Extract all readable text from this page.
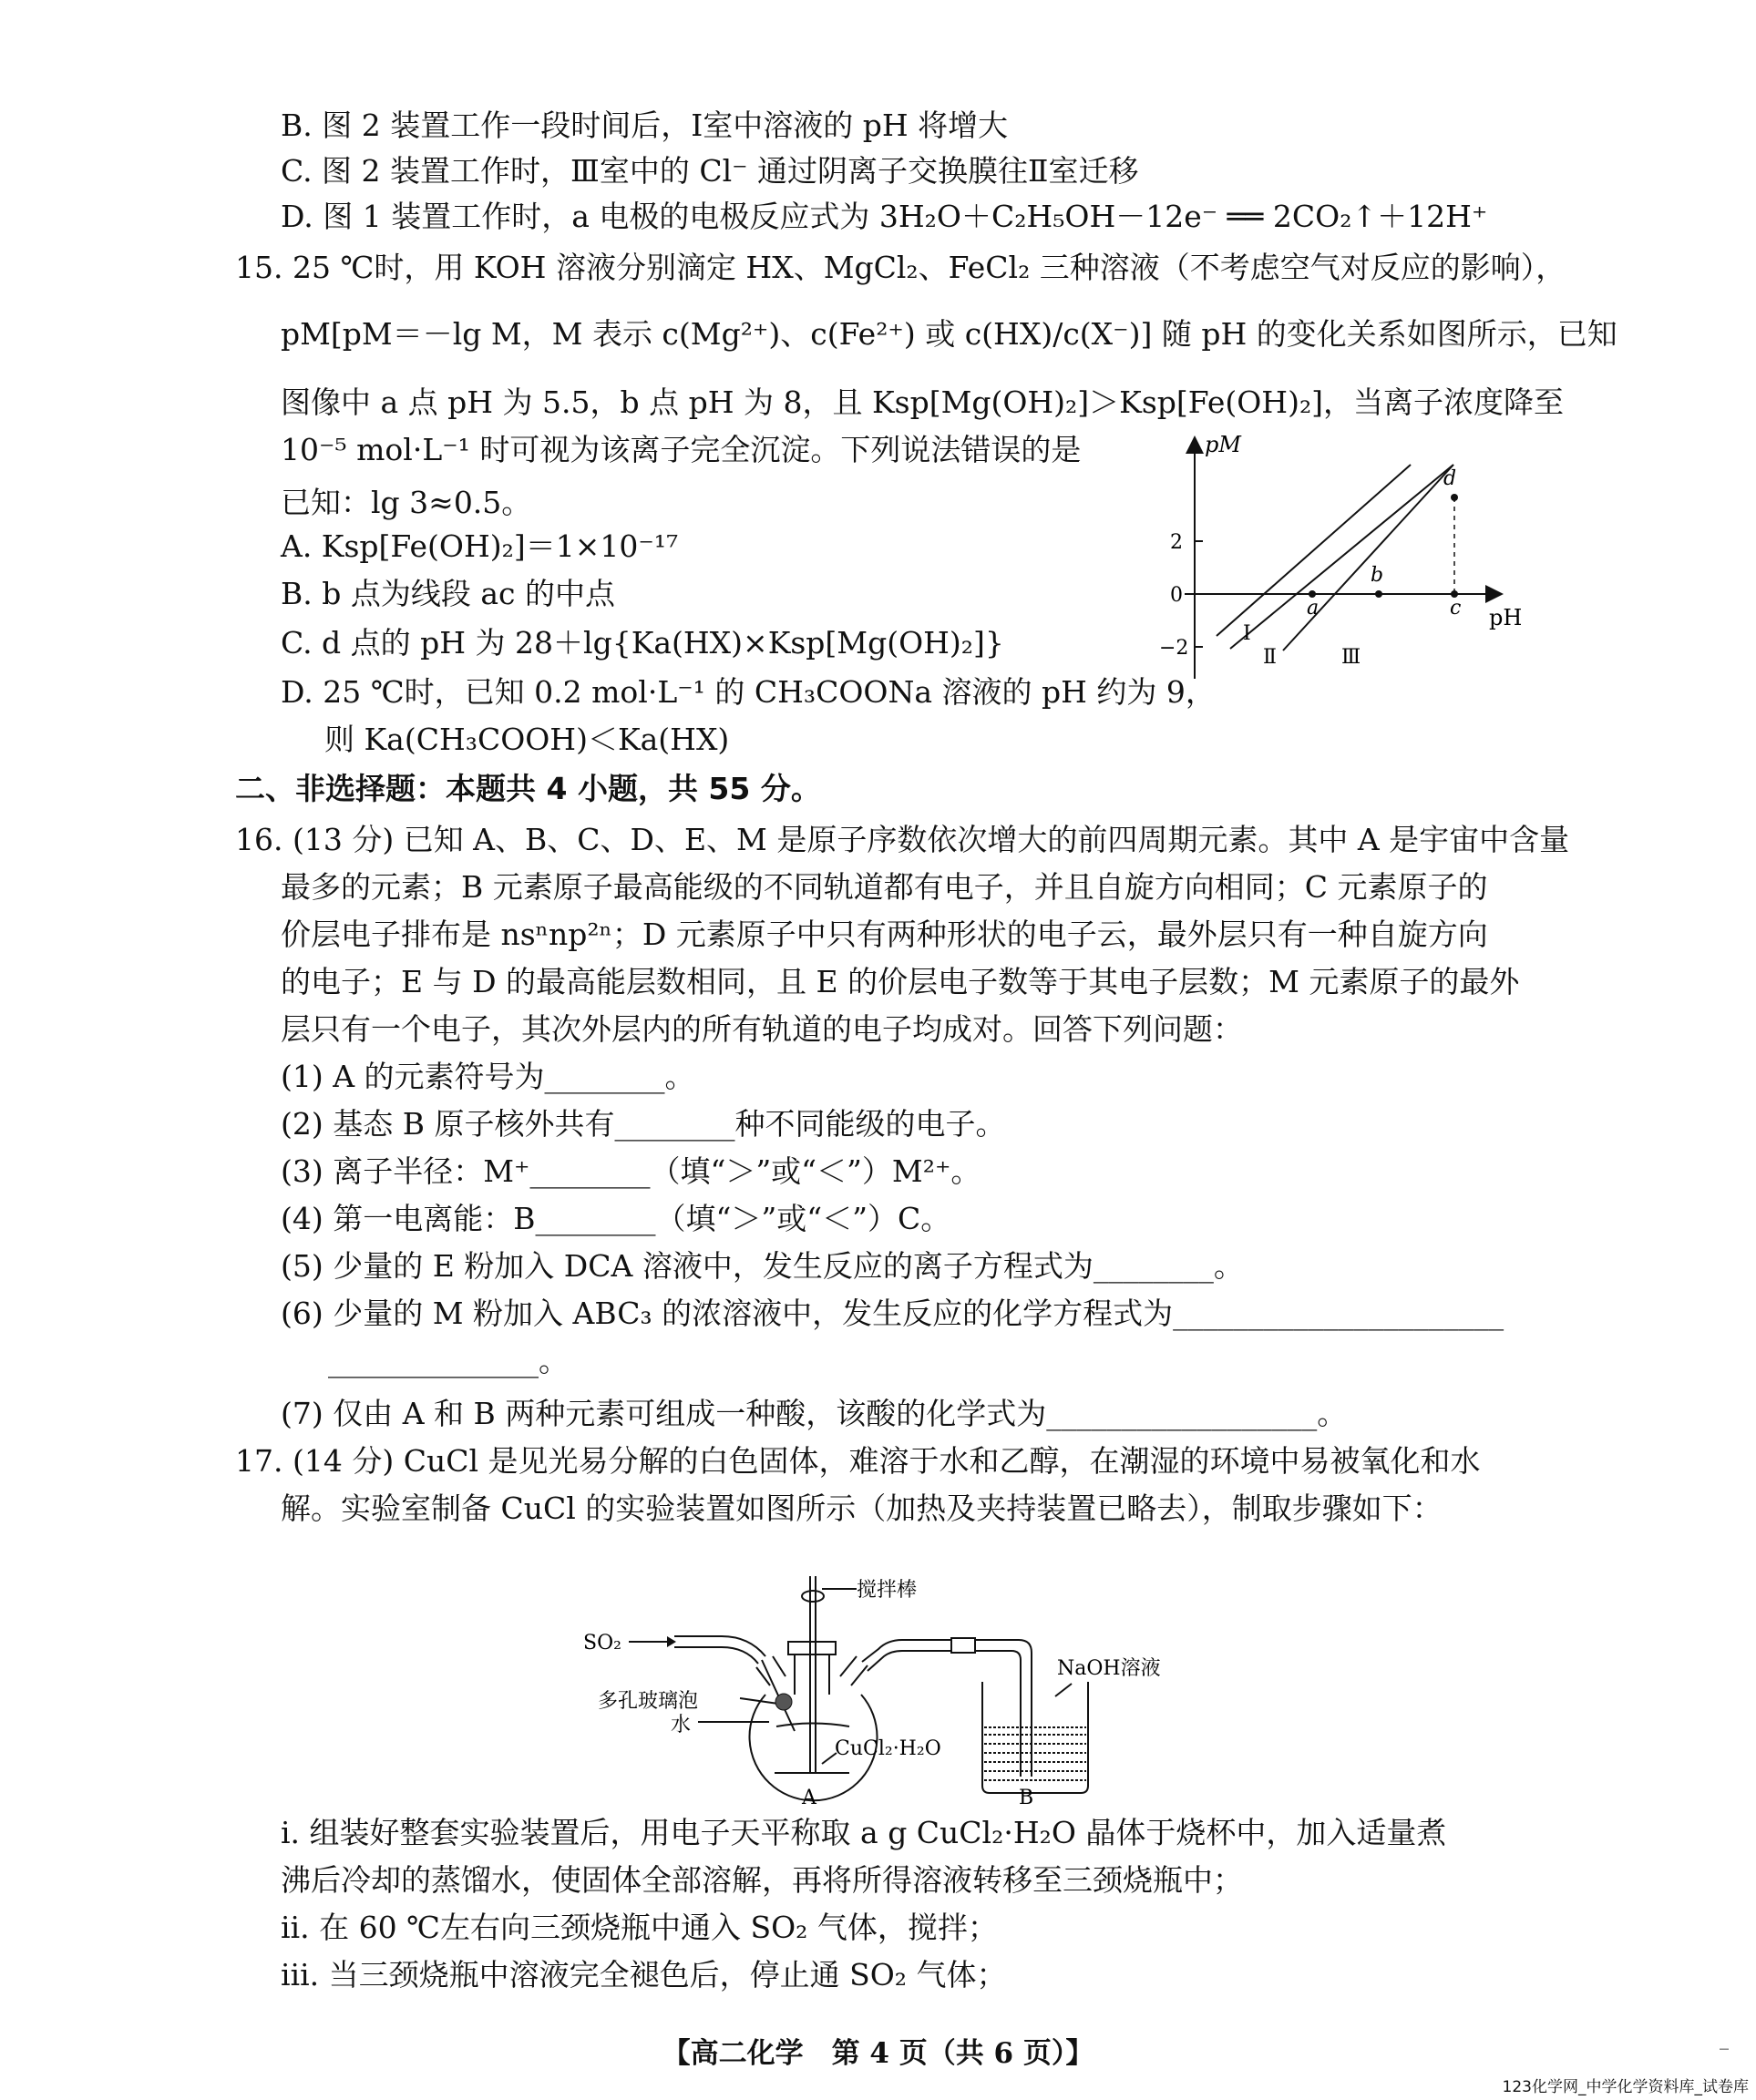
B. 图 2 装置工作一段时间后，Ⅰ室中溶液的 pH 将增大
C. 图 2 装置工作时，Ⅲ室中的 Cl⁻ 通过阴离子交换膜往Ⅱ室迁移
D. 图 1 装置工作时，a 电极的电极反应式为 3H₂O＋C₂H₅OH－12e⁻ ══ 2CO₂↑＋12H⁺
15. 25 ℃时，用 KOH 溶液分别滴定 HX、MgCl₂、FeCl₂ 三种溶液（不考虑空气对反应的影响），
pM[pM＝－lg M，M 表示 c(Mg²⁺)、c(Fe²⁺) 或 c(HX)/c(X⁻)] 随 pH 的变化关系如图所示，已知
图像中 a 点 pH 为 5.5，b 点 pH 为 8，且 Ksp[Mg(OH)₂]＞Ksp[Fe(OH)₂]，当离子浓度降至
10⁻⁵ mol·L⁻¹ 时可视为该离子完全沉淀。下列说法错误的是
已知：lg 3≈0.5。
A. Ksp[Fe(OH)₂]＝1×10⁻¹⁷
B. b 点为线段 ac 的中点
C. d 点的 pH 为 28＋lg{Ka(HX)×Ksp[Mg(OH)₂]}
D. 25 ℃时，已知 0.2 mol·L⁻¹ 的 CH₃COONa 溶液的 pH 约为 9，
则 Ka(CH₃COOH)＜Ka(HX)
二、非选择题：本题共 4 小题，共 55 分。
16. (13 分) 已知 A、B、C、D、E、M 是原子序数依次增大的前四周期元素。其中 A 是宇宙中含量
最多的元素；B 元素原子最高能级的不同轨道都有电子，并且自旋方向相同；C 元素原子的
价层电子排布是 nsⁿnp²ⁿ；D 元素原子中只有两种形状的电子云，最外层只有一种自旋方向
的电子；E 与 D 的最高能层数相同，且 E 的价层电子数等于其电子层数；M 元素原子的最外
层只有一个电子，其次外层内的所有轨道的电子均成对。回答下列问题：
(1) A 的元素符号为________。
(2) 基态 B 原子核外共有________种不同能级的电子。
(3) 离子半径：M⁺________（填“＞”或“＜”）M²⁺。
(4) 第一电离能：B________（填“＞”或“＜”）C。
(5) 少量的 E 粉加入 DCA 溶液中，发生反应的离子方程式为________。
(6) 少量的 M 粉加入 ABC₃ 的浓溶液中，发生反应的化学方程式为______________________
______________。
(7) 仅由 A 和 B 两种元素可组成一种酸，该酸的化学式为__________________。
17. (14 分) CuCl 是见光易分解的白色固体，难溶于水和乙醇，在潮湿的环境中易被氧化和水
解。实验室制备 CuCl 的实验装置如图所示（加热及夹持装置已略去），制取步骤如下：
ⅰ. 组装好整套实验装置后，用电子天平称取 a g CuCl₂·H₂O 晶体于烧杯中，加入适量煮
沸后冷却的蒸馏水，使固体全部溶解，再将所得溶液转移至三颈烧瓶中；
ⅱ. 在 60 ℃左右向三颈烧瓶中通入 SO₂ 气体，搅拌；
ⅲ. 当三颈烧瓶中溶液完全褪色后，停止通 SO₂ 气体；
pM
pH
2
0
−2
a
b
c
d
Ⅰ
Ⅱ	Ⅲ
SO₂
搅拌棒
多孔玻璃泡
水
CuCl₂·H₂O
NaOH溶液
A	B
【高二化学　第 4 页（共 6 页）】	_
123化学网_中学化学资料库_试卷库
